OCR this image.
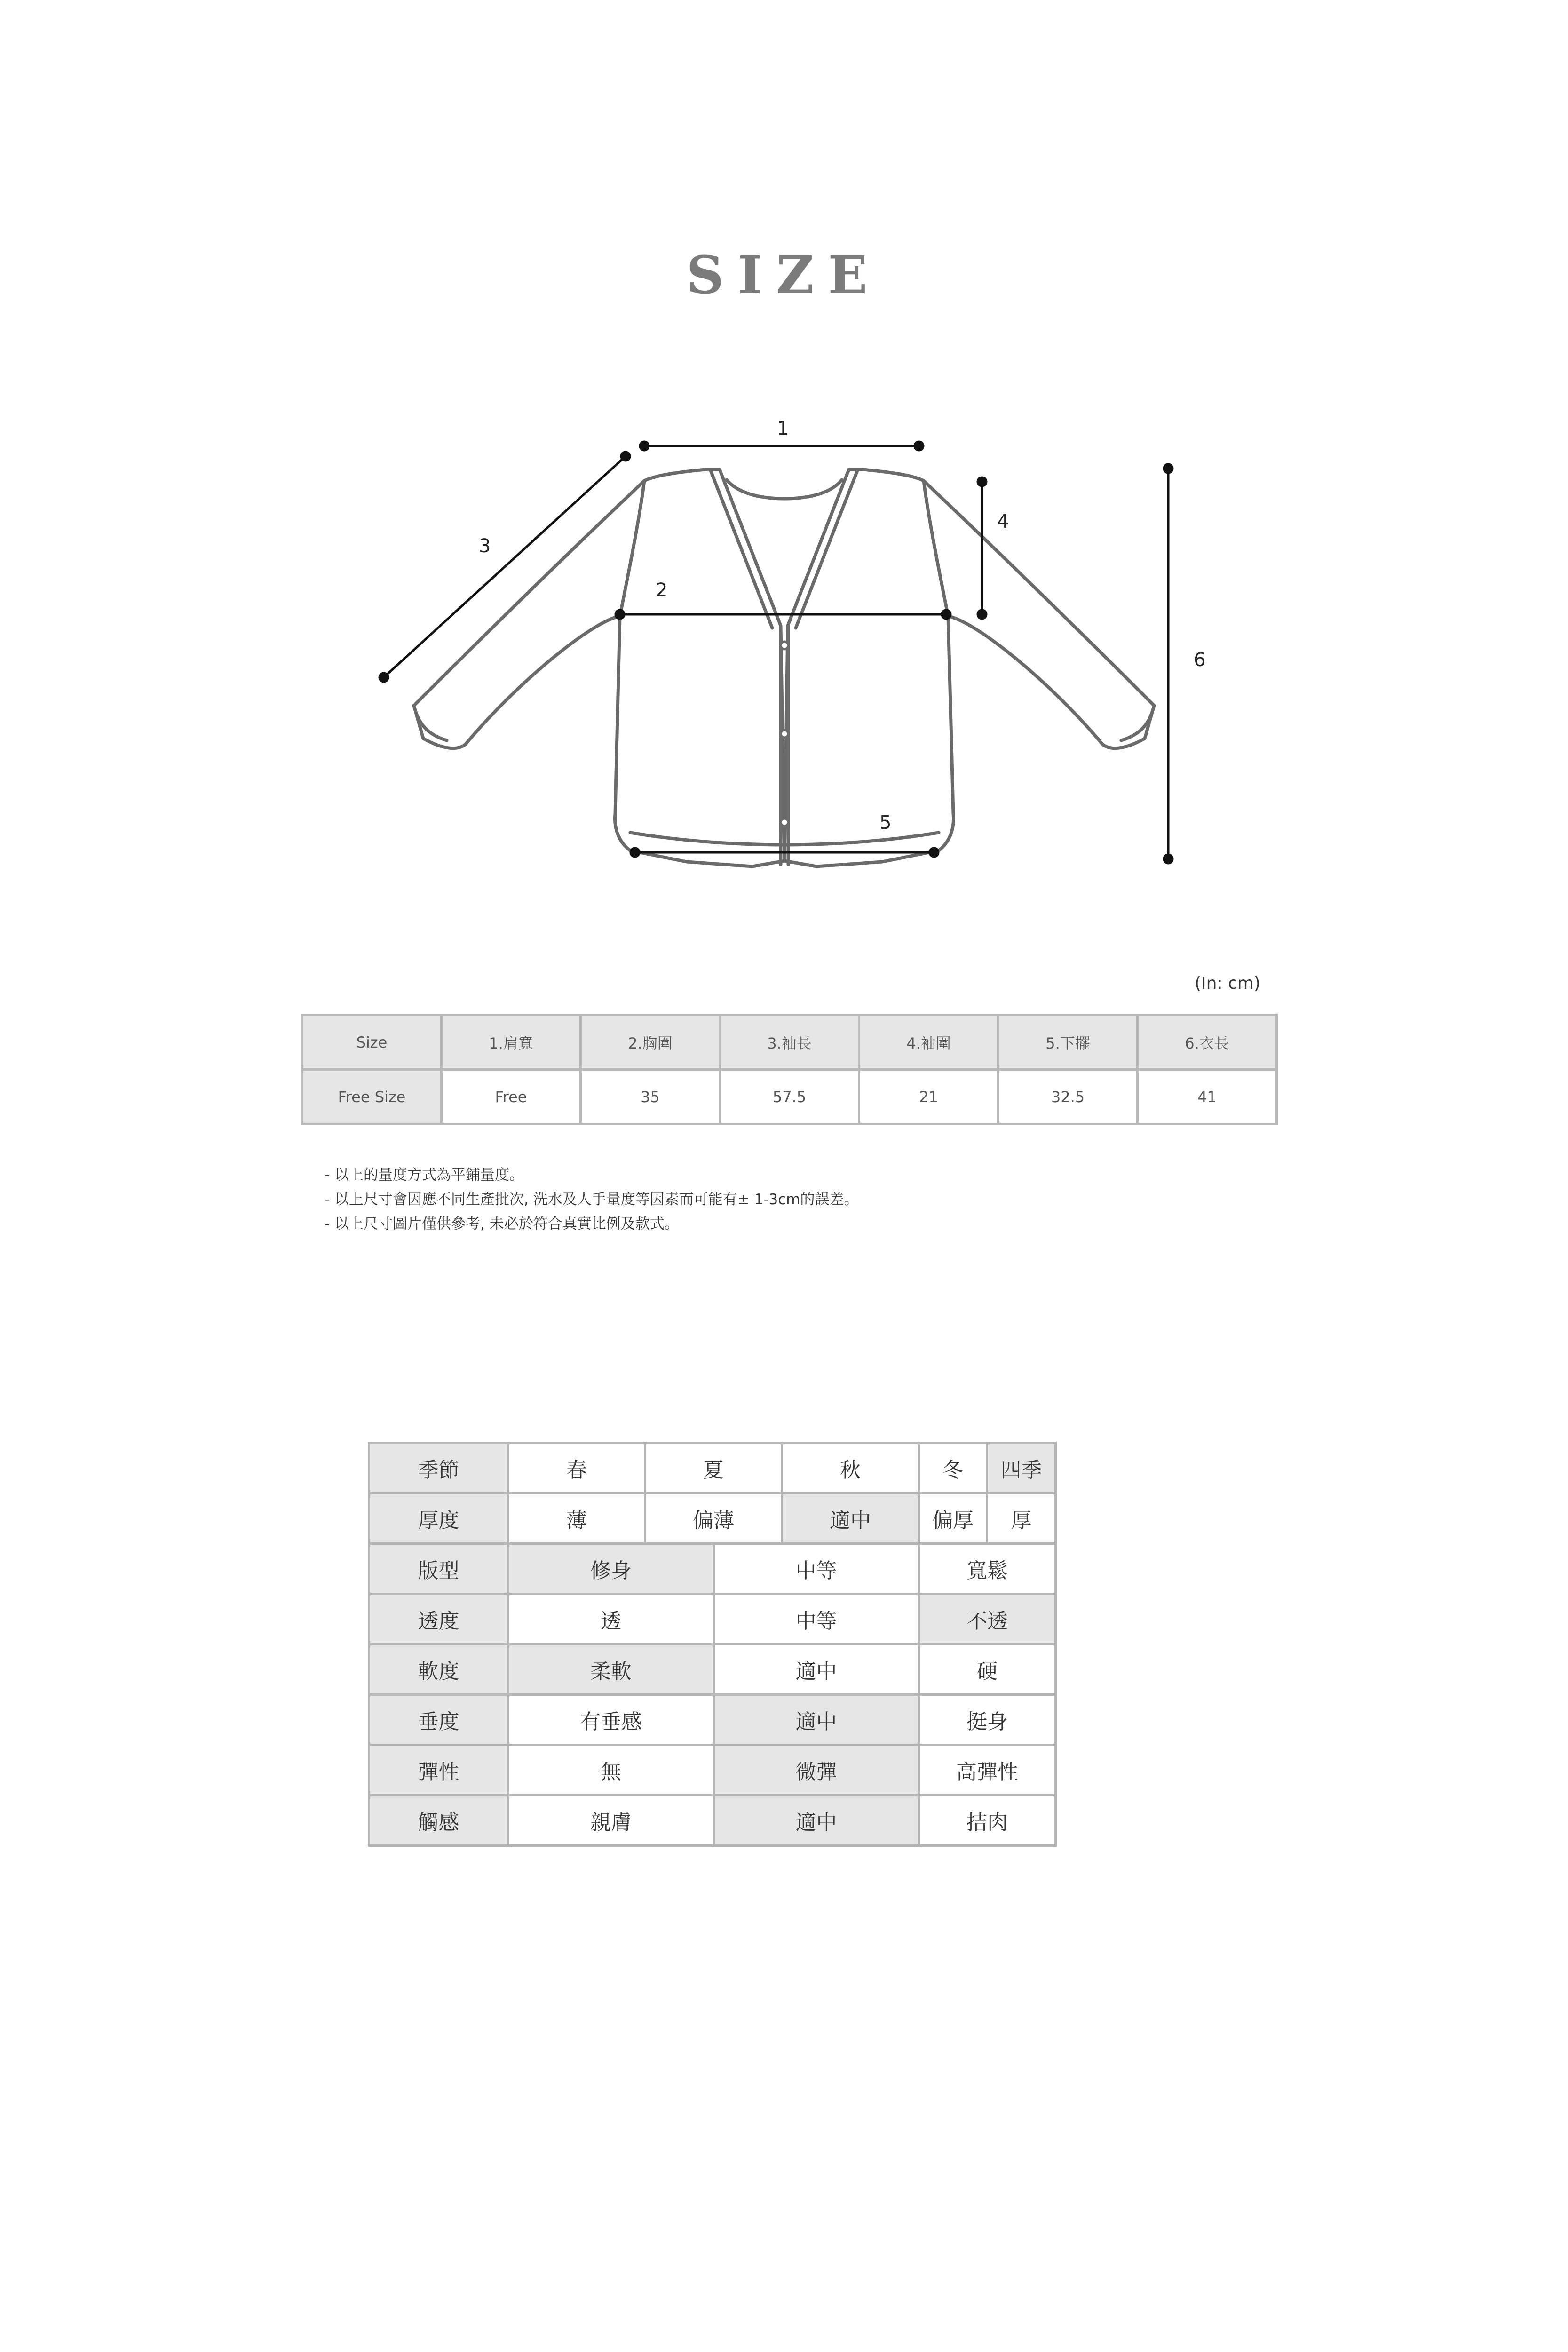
SIZE
1
2
3
4
5
6
(In: cm)
Size	1.肩寬	2.胸圍	3.袖長	4.袖圍	5.下擺	6.衣長
Free Size	Free	35	57.5	21	32.5	41
- 以上的量度方式為平鋪量度。
- 以上尺寸會因應不同生產批次, 洗水及人手量度等因素而可能有± 1-3cm的誤差。
- 以上尺寸圖片僅供參考, 未必於符合真實比例及款式。
季節	春	夏		秋	冬	四季
厚度	薄	偏薄		適中	偏厚	厚
版型	修身		中等		寬鬆	
透度	透		中等		不透	
軟度	柔軟		適中		硬	
垂度	有垂感		適中		挺身	
彈性	無		微彈		高彈性	
觸感	親膚		適中		拮肉	
